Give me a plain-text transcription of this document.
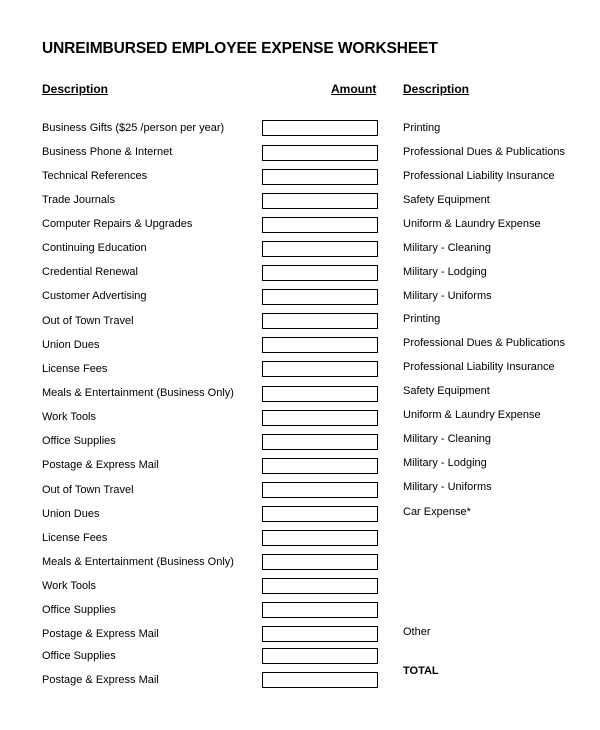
UNREIMBURSED EMPLOYEE EXPENSE WORKSHEET
Description	Amount Description
Business Gifts ($25 /person per year)
Business Phone & Internet
Technical References
Trade Journals
Computer Repairs & Upgrades
Continuing Education
Credential Renewal
Customer Advertising
Out of Town Travel
Union Dues
License Fees
Meals & Entertainment (Business Only)
Work Tools
Office Supplies
Postage & Express Mail
Out of Town Travel
Union Dues
License Fees
Meals & Entertainment (Business Only)
Work Tools
Office Supplies
Postage & Express Mail
Office Supplies
Postage & Express Mail
Printing
Professional Dues & Publications
Professional Liability Insurance
Safety Equipment
Uniform & Laundry Expense
Military - Cleaning
Military - Lodging
Military - Uniforms
Printing
Professional Dues & Publications
Professional Liability Insurance
Safety Equipment
Uniform & Laundry Expense
Military - Cleaning
Military - Lodging
Military - Uniforms
Car Expense*
Other
TOTAL
